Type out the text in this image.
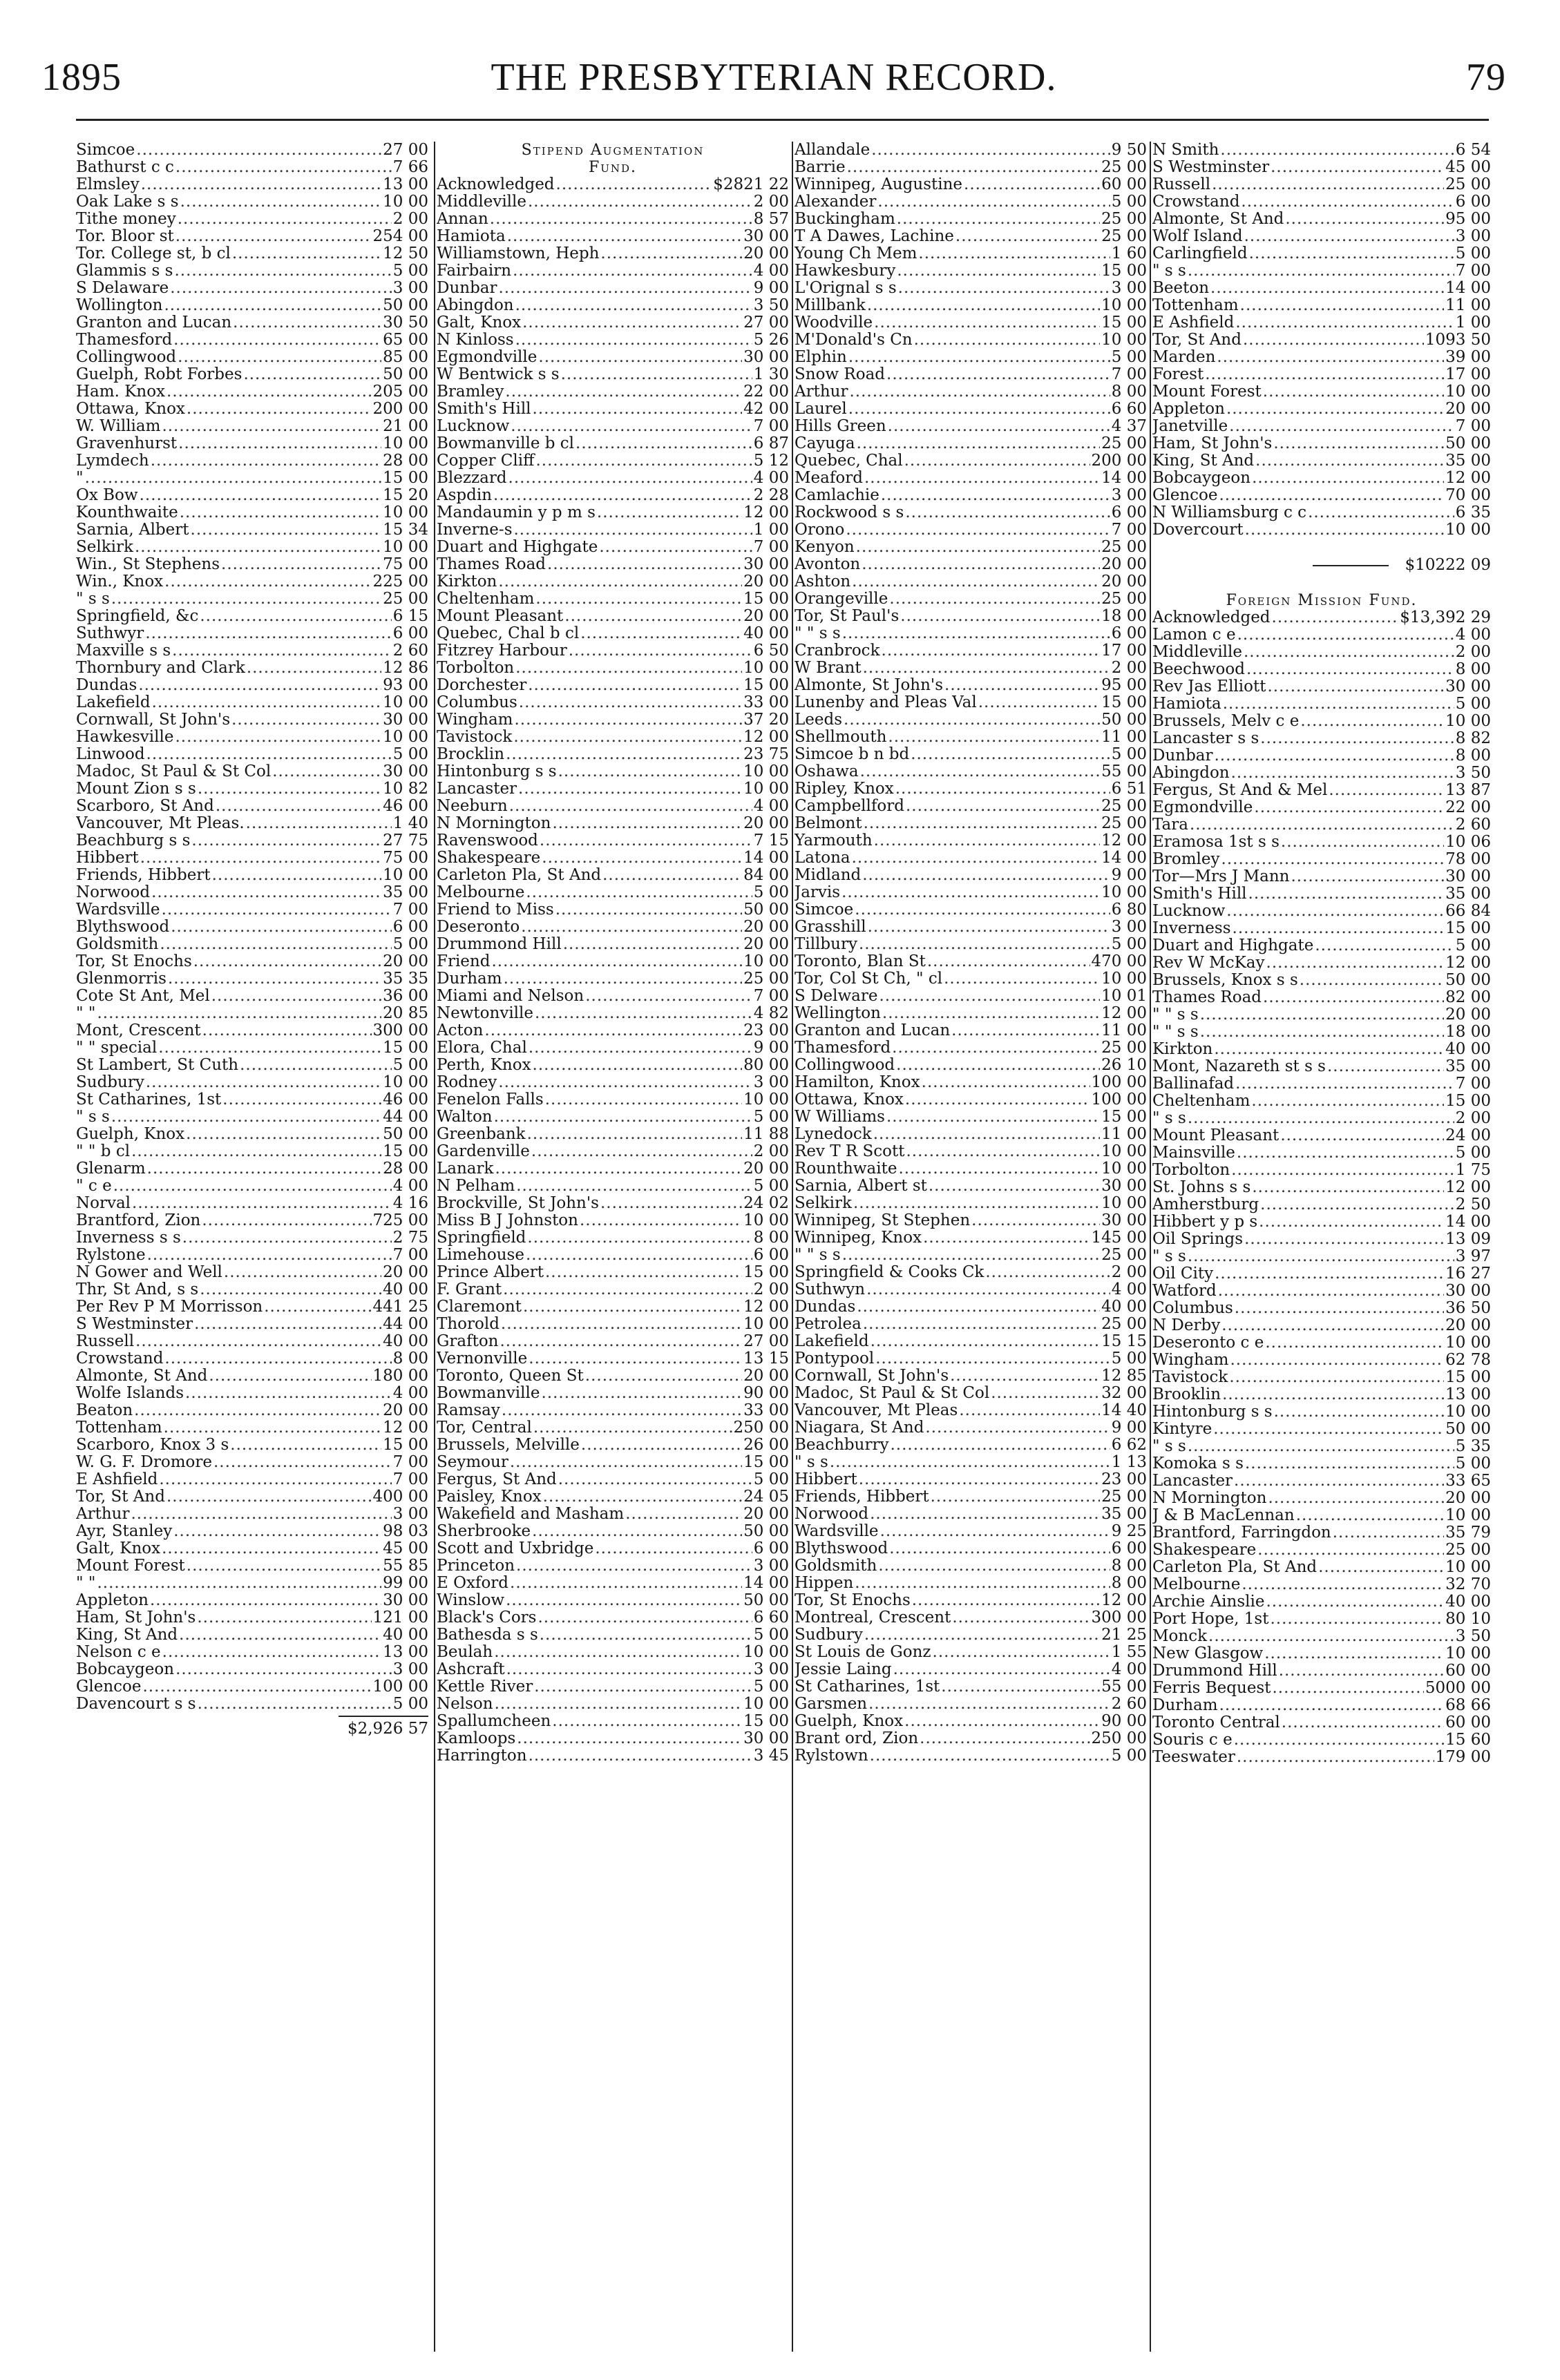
1895	THE PRESBYTERIAN RECORD.	79
Simcoe .....	27 00
Bathurst c c .....	7 66
Elmsley .....	13 00
Oak Lake s s .....	10 00
Tithe money .....	2 00
Tor. Bloor st .....	254 00
Tor. College st, b cl .....	12 50
Glammis s s .....	5 00
S Delaware .....	3 00
Wollington .....	50 00
Granton and Lucan .....	30 50
Thamesford .....	65 00
Collingwood .....	85 00
Guelph, Robt Forbes .....	50 00
Ham. Knox .....	205 00
Ottawa, Knox .....	200 00
W. William .....	21 00
Gravenhurst .....	10 00
Lymdech .....	28 00
" .....	15 00
Ox Bow .....	15 20
Kounthwaite .....	10 00
Sarnia, Albert .....	15 34
Selkirk .....	10 00
Win., St Stephens .....	75 00
Win., Knox .....	225 00
" s s .....	25 00
Springfield, &c .....	6 15
Suthwyr .....	6 00
Maxville s s .....	2 60
Thornbury and Clark .....	12 86
Dundas .....	93 00
Lakefield .....	10 00
Cornwall, St John's .....	30 00
Hawkesville .....	10 00
Linwood .....	5 00
Madoc, St Paul & St Col .....	30 00
Mount Zion s s .....	10 82
Scarboro, St And .....	46 00
Vancouver, Mt Pleas. .....	1 40
Beachburg s s .....	27 75
Hibbert .....	75 00
Friends, Hibbert .....	10 00
Norwood .....	35 00
Wardsville .....	7 00
Blythswood .....	6 00
Goldsmith .....	5 00
Tor, St Enochs .....	20 00
Glenmorris .....	35 35
Cote St Ant, Mel .....	36 00
" " .....	20 85
Mont, Crescent .....	300 00
" " special .....	15 00
St Lambert, St Cuth .....	5 00
Sudbury .....	10 00
St Catharines, 1st .....	46 00
" s s .....	44 00
Guelph, Knox .....	50 00
" " b cl .....	15 00
Glenarm .....	28 00
" c e .....	4 00
Norval .....	4 16
Brantford, Zion .....	725 00
Inverness s s .....	2 75
Rylstone .....	7 00
N Gower and Well .....	20 00
Thr, St And, s s .....	40 00
Per Rev P M Morrisson .....	441 25
S Westminster .....	44 00
Russell .....	40 00
Crowstand .....	8 00
Almonte, St And .....	180 00
Wolfe Islands .....	4 00
Beaton .....	20 00
Tottenham .....	12 00
Scarboro, Knox 3 s .....	15 00
W. G. F. Dromore .....	7 00
E Ashfield .....	7 00
Tor, St And .....	400 00
Arthur .....	3 00
Ayr, Stanley .....	98 03
Galt, Knox .....	45 00
Mount Forest .....	55 85
" " .....	99 00
Appleton .....	30 00
Ham, St John's .....	121 00
King, St And .....	40 00
Nelson c e .....	13 00
Bobcaygeon .....	3 00
Glencoe .....	100 00
Davencourt s s .....	5 00
$2,926 57
Stipend Augmentation
Fund.
Acknowledged .....	$2821 22
Middleville .....	2 00
Annan .....	8 57
Hamiota .....	30 00
Williamstown, Heph .....	20 00
Fairbairn .....	4 00
Dunbar .....	9 00
Abingdon .....	3 50
Galt, Knox .....	27 00
N Kinloss .....	5 26
Egmondville .....	30 00
W Bentwick s s .....	1 30
Bramley .....	22 00
Smith's Hill .....	42 00
Lucknow .....	7 00
Bowmanville b cl .....	6 87
Copper Cliff .....	5 12
Blezzard .....	4 00
Aspdin .....	2 28
Mandaumin y p m s .....	12 00
Inverne-s .....	1 00
Duart and Highgate .....	7 00
Thames Road .....	30 00
Kirkton .....	20 00
Cheltenham .....	15 00
Mount Pleasant .....	20 00
Quebec, Chal b cl .....	40 00
Fitzrey Harbour .....	6 50
Torbolton .....	10 00
Dorchester .....	15 00
Columbus .....	33 00
Wingham .....	37 20
Tavistock .....	12 00
Brocklin .....	23 75
Hintonburg s s .....	10 00
Lancaster .....	10 00
Neeburn .....	4 00
N Mornington .....	20 00
Ravenswood .....	7 15
Shakespeare .....	14 00
Carleton Pla, St And .....	84 00
Melbourne .....	5 00
Friend to Miss .....	50 00
Deseronto .....	20 00
Drummond Hill .....	20 00
Friend .....	10 00
Durham .....	25 00
Miami and Nelson .....	7 00
Newtonville .....	4 82
Acton .....	23 00
Elora, Chal .....	9 00
Perth, Knox .....	80 00
Rodney .....	3 00
Fenelon Falls .....	10 00
Walton .....	5 00
Greenbank .....	11 88
Gardenville .....	2 00
Lanark .....	20 00
N Pelham .....	5 00
Brockville, St John's .....	24 02
Miss B J Johnston .....	10 00
Springfield .....	8 00
Limehouse .....	6 00
Prince Albert .....	15 00
F. Grant .....	2 00
Claremont .....	12 00
Thorold .....	10 00
Grafton .....	27 00
Vernonville .....	13 15
Toronto, Queen St .....	20 00
Bowmanville .....	90 00
Ramsay .....	33 00
Tor, Central .....	250 00
Brussels, Melville .....	26 00
Seymour .....	15 00
Fergus, St And .....	5 00
Paisley, Knox .....	24 05
Wakefield and Masham .....	20 00
Sherbrooke .....	50 00
Scott and Uxbridge .....	6 00
Princeton .....	3 00
E Oxford .....	14 00
Winslow .....	50 00
Black's Cors .....	6 60
Bathesda s s .....	5 00
Beulah .....	10 00
Ashcraft .....	3 00
Kettle River .....	5 00
Nelson .....	10 00
Spallumcheen .....	15 00
Kamloops .....	30 00
Harrington .....	3 45
Allandale .....	9 50
Barrie .....	25 00
Winnipeg, Augustine .....	60 00
Alexander .....	5 00
Buckingham .....	25 00
T A Dawes, Lachine .....	25 00
Young Ch Mem .....	1 60
Hawkesbury .....	15 00
L'Orignal s s .....	3 00
Millbank .....	10 00
Woodville .....	15 00
M'Donald's Cn .....	10 00
Elphin .....	5 00
Snow Road .....	7 00
Arthur .....	8 00
Laurel .....	6 60
Hills Green .....	4 37
Cayuga .....	25 00
Quebec, Chal .....	200 00
Meaford .....	14 00
Camlachie .....	3 00
Rockwood s s .....	6 00
Orono .....	7 00
Kenyon .....	25 00
Avonton .....	20 00
Ashton .....	20 00
Orangeville .....	25 00
Tor, St Paul's .....	18 00
" " s s .....	6 00
Cranbrock .....	17 00
W Brant .....	2 00
Almonte, St John's .....	95 00
Lunenby and Pleas Val .....	15 00
Leeds .....	50 00
Shellmouth .....	11 00
Simcoe b n bd .....	5 00
Oshawa .....	55 00
Ripley, Knox .....	6 51
Campbellford .....	25 00
Belmont .....	25 00
Yarmouth .....	12 00
Latona .....	14 00
Midland .....	9 00
Jarvis .....	10 00
Simcoe .....	6 80
Grasshill .....	3 00
Tillbury .....	5 00
Toronto, Blan St .....	470 00
Tor, Col St Ch, " cl .....	10 00
S Delware .....	10 01
Wellington .....	12 00
Granton and Lucan .....	11 00
Thamesford .....	25 00
Collingwood .....	26 10
Hamilton, Knox .....	100 00
Ottawa, Knox .....	100 00
W Williams .....	15 00
Lynedock .....	11 00
Rev T R Scott .....	10 00
Rounthwaite .....	10 00
Sarnia, Albert st .....	30 00
Selkirk .....	10 00
Winnipeg, St Stephen .....	30 00
Winnipeg, Knox .....	145 00
" " s s .....	25 00
Springfield & Cooks Ck .....	2 00
Suthwyn .....	4 00
Dundas .....	40 00
Petrolea .....	25 00
Lakefield .....	15 15
Pontypool .....	5 00
Cornwall, St John's .....	12 85
Madoc, St Paul & St Col .....	32 00
Vancouver, Mt Pleas .....	14 40
Niagara, St And .....	9 00
Beachburry .....	6 62
" s s .....	1 13
Hibbert .....	23 00
Friends, Hibbert .....	25 00
Norwood .....	35 00
Wardsville .....	9 25
Blythswood .....	6 00
Goldsmith .....	8 00
Hippen .....	8 00
Tor, St Enochs .....	12 00
Montreal, Crescent .....	300 00
Sudbury .....	21 25
St Louis de Gonz .....	1 55
Jessie Laing .....	4 00
St Catharines, 1st .....	55 00
Garsmen .....	2 60
Guelph, Knox .....	90 00
Brant ord, Zion .....	250 00
Rylstown .....	5 00
N Smith .....	6 54
S Westminster .....	45 00
Russell .....	25 00
Crowstand .....	6 00
Almonte, St And .....	95 00
Wolf Island .....	3 00
Carlingfield .....	5 00
" s s .....	7 00
Beeton .....	14 00
Tottenham .....	11 00
E Ashfield .....	1 00
Tor, St And .....	1093 50
Marden .....	39 00
Forest .....	17 00
Mount Forest .....	10 00
Appleton .....	20 00
Janetville .....	7 00
Ham, St John's .....	50 00
King, St And .....	35 00
Bobcaygeon .....	12 00
Glencoe .....	70 00
N Williamsburg c c .....	6 35
Dovercourt .....	10 00
$10222 09
Foreign Mission Fund.
Acknowledged .....	$13,392 29
Lamon c e .....	4 00
Middleville .....	2 00
Beechwood .....	8 00
Rev Jas Elliott .....	30 00
Hamiota .....	5 00
Brussels, Melv c e .....	10 00
Lancaster s s .....	8 82
Dunbar .....	8 00
Abingdon .....	3 50
Fergus, St And & Mel .....	13 87
Egmondville .....	22 00
Tara .....	2 60
Eramosa 1st s s .....	10 06
Bromley .....	78 00
Tor—Mrs J Mann .....	30 00
Smith's Hill .....	35 00
Lucknow .....	66 84
Inverness .....	15 00
Duart and Highgate .....	5 00
Rev W McKay .....	12 00
Brussels, Knox s s .....	50 00
Thames Road .....	82 00
" " s s .....	20 00
" " s s .....	18 00
Kirkton .....	40 00
Mont, Nazareth st s s .....	35 00
Ballinafad .....	7 00
Cheltenham .....	15 00
" s s .....	2 00
Mount Pleasant .....	24 00
Mainsville .....	5 00
Torbolton .....	1 75
St. Johns s s .....	12 00
Amherstburg .....	2 50
Hibbert y p s .....	14 00
Oil Springs .....	13 09
" s s .....	3 97
Oil City .....	16 27
Watford .....	30 00
Columbus .....	36 50
N Derby .....	20 00
Deseronto c e .....	10 00
Wingham .....	62 78
Tavistock .....	15 00
Brooklin .....	13 00
Hintonburg s s .....	10 00
Kintyre .....	50 00
" s s .....	5 35
Komoka s s .....	5 00
Lancaster .....	33 65
N Mornington .....	20 00
J & B MacLennan .....	10 00
Brantford, Farringdon .....	35 79
Shakespeare .....	25 00
Carleton Pla, St And .....	10 00
Melbourne .....	32 70
Archie Ainslie .....	40 00
Port Hope, 1st .....	80 10
Monck .....	3 50
New Glasgow .....	10 00
Drummond Hill .....	60 00
Ferris Bequest .....	5000 00
Durham .....	68 66
Toronto Central .....	60 00
Souris c e .....	15 60
Teeswater .....	179 00
